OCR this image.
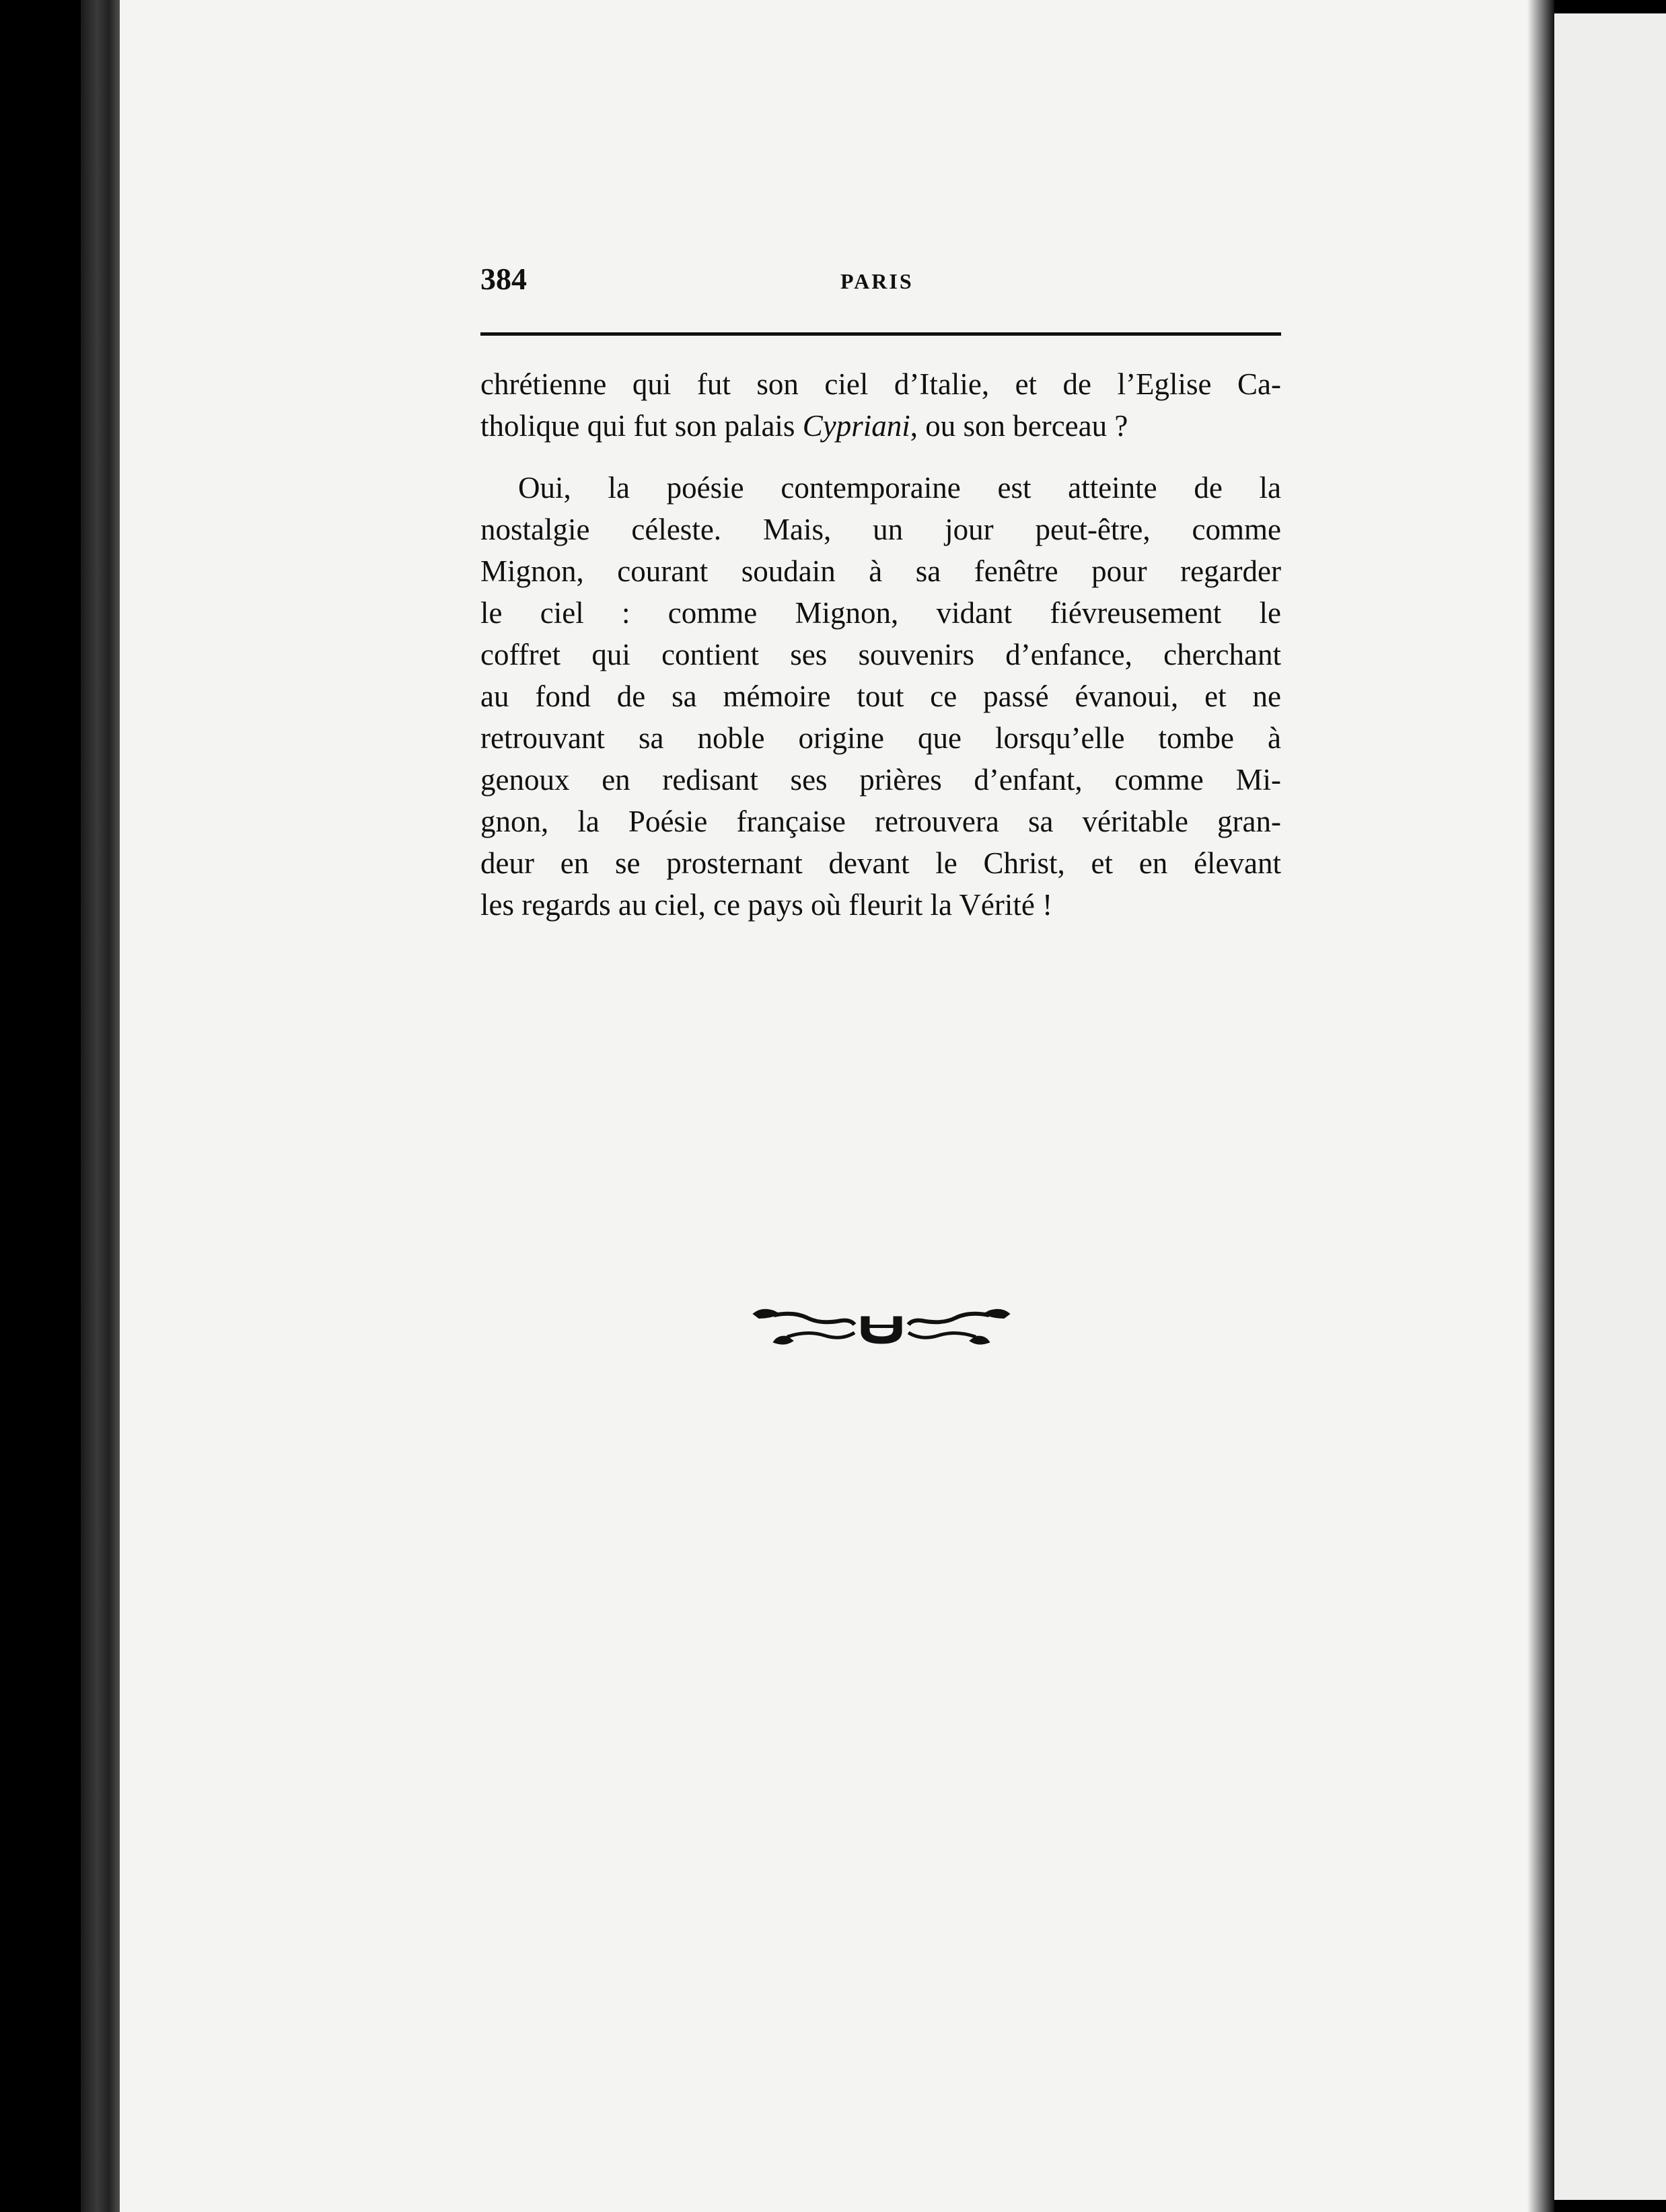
384	PARIS

chrétienne qui fut son ciel d’Italie, et de l’Eglise Ca-
tholique qui fut son palais Cypriani, ou son berceau ?

Oui, la poésie contemporaine est atteinte de la
nostalgie céleste. Mais, un jour peut-être, comme
Mignon, courant soudain à sa fenêtre pour regarder
le ciel : comme Mignon, vidant fiévreusement le
coffret qui contient ses souvenirs d’enfance, cherchant
au fond de sa mémoire tout ce passé évanoui, et ne
retrouvant sa noble origine que lorsqu’elle tombe à
genoux en redisant ses prières d’enfant, comme Mi-
gnon, la Poésie française retrouvera sa véritable gran-
deur en se prosternant devant le Christ, et en élevant
les regards au ciel, ce pays où fleurit la Vérité !
